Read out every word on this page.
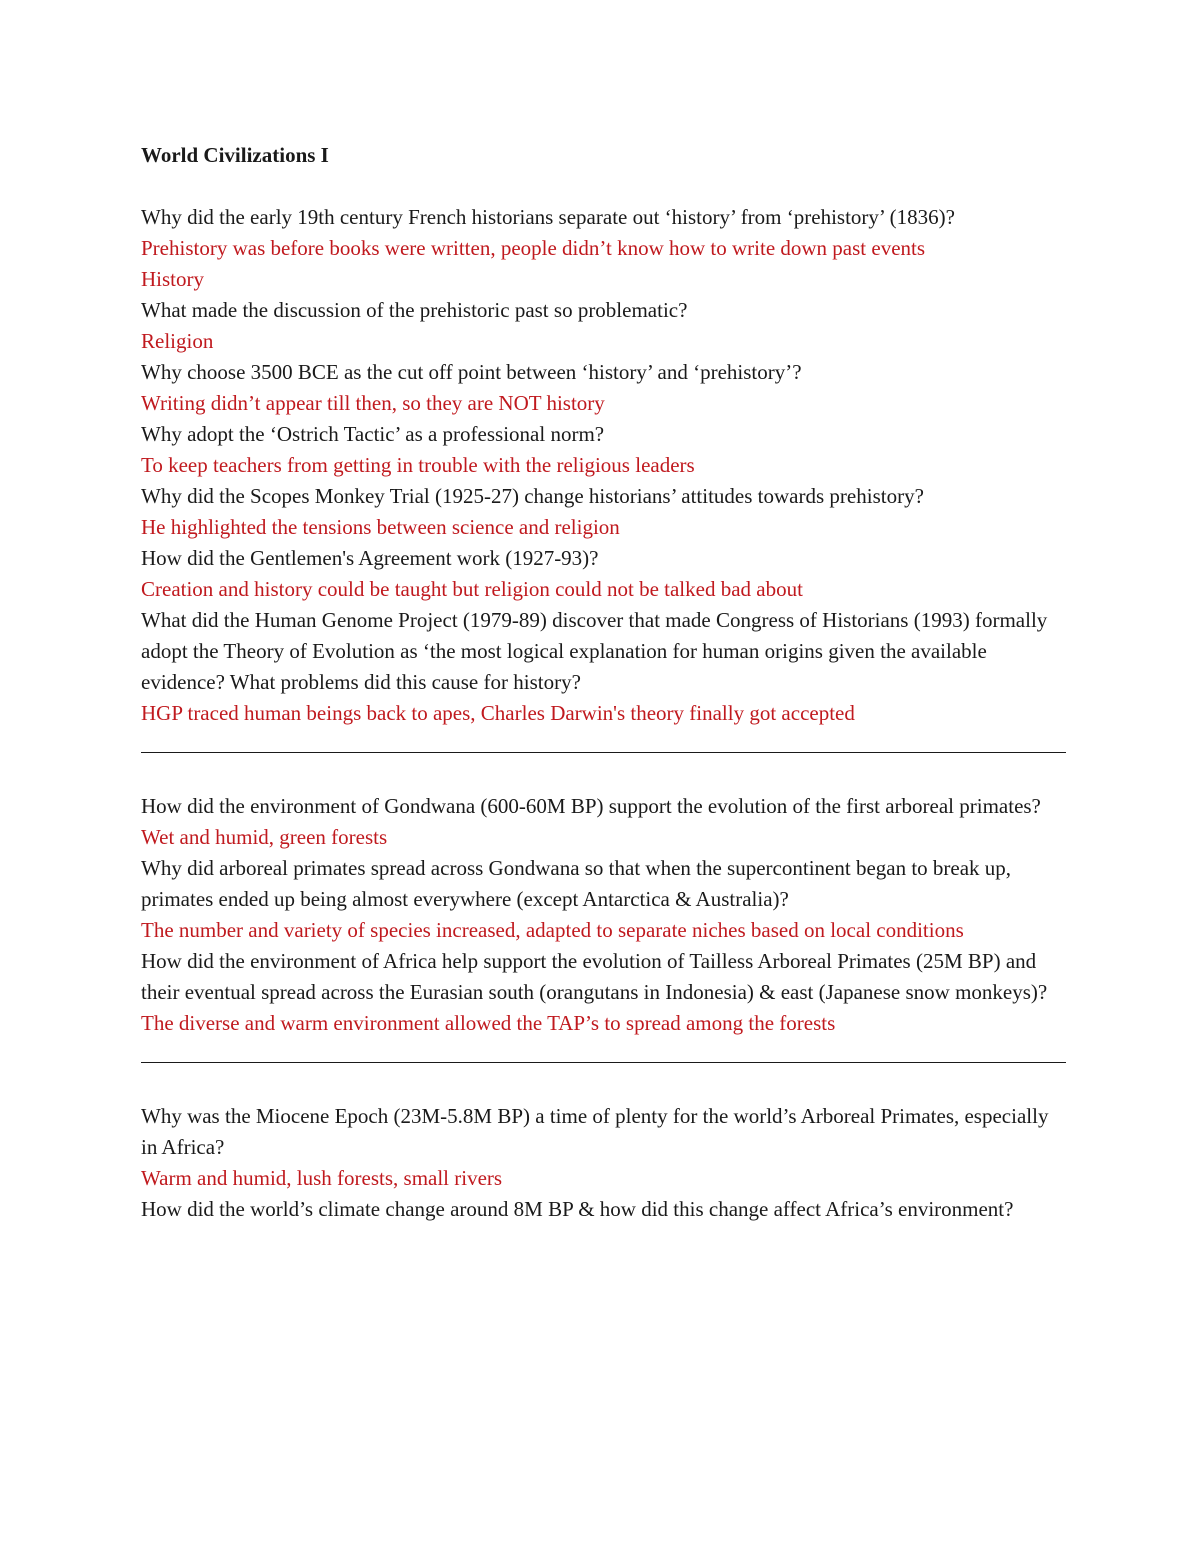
World Civilizations I

Why did the early 19th century French historians separate out ‘history’ from ‘prehistory’ (1836)?

Prehistory was before books were written, people didn’t know how to write down past events

History

What made the discussion of the prehistoric past so problematic?

Religion

Why choose 3500 BCE as the cut off point between ‘history’ and ‘prehistory’?

Writing didn’t appear till then, so they are NOT history

Why adopt the ‘Ostrich Tactic’ as a professional norm?

To keep teachers from getting in trouble with the religious leaders

Why did the Scopes Monkey Trial (1925-27) change historians’ attitudes towards prehistory?

He highlighted the tensions between science and religion

How did the Gentlemen's Agreement work (1927-93)?

Creation and history could be taught but religion could not be talked bad about

What did the Human Genome Project (1979-89) discover that made Congress of Historians (1993) formally adopt the Theory of Evolution as ‘the most logical explanation for human origins given the available evidence? What problems did this cause for history?

HGP traced human beings back to apes, Charles Darwin's theory finally got accepted

How did the environment of Gondwana (600-60M BP) support the evolution of the first arboreal primates?

Wet and humid, green forests

Why did arboreal primates spread across Gondwana so that when the supercontinent began to break up, primates ended up being almost everywhere (except Antarctica & Australia)?

The number and variety of species increased, adapted to separate niches based on local conditions

How did the environment of Africa help support the evolution of Tailless Arboreal Primates (25M BP) and their eventual spread across the Eurasian south (orangutans in Indonesia) & east (Japanese snow monkeys)?

The diverse and warm environment allowed the TAP’s to spread among the forests

Why was the Miocene Epoch (23M-5.8M BP) a time of plenty for the world’s Arboreal Primates, especially in Africa?

Warm and humid, lush forests, small rivers

How did the world’s climate change around 8M BP & how did this change affect Africa’s environment?
